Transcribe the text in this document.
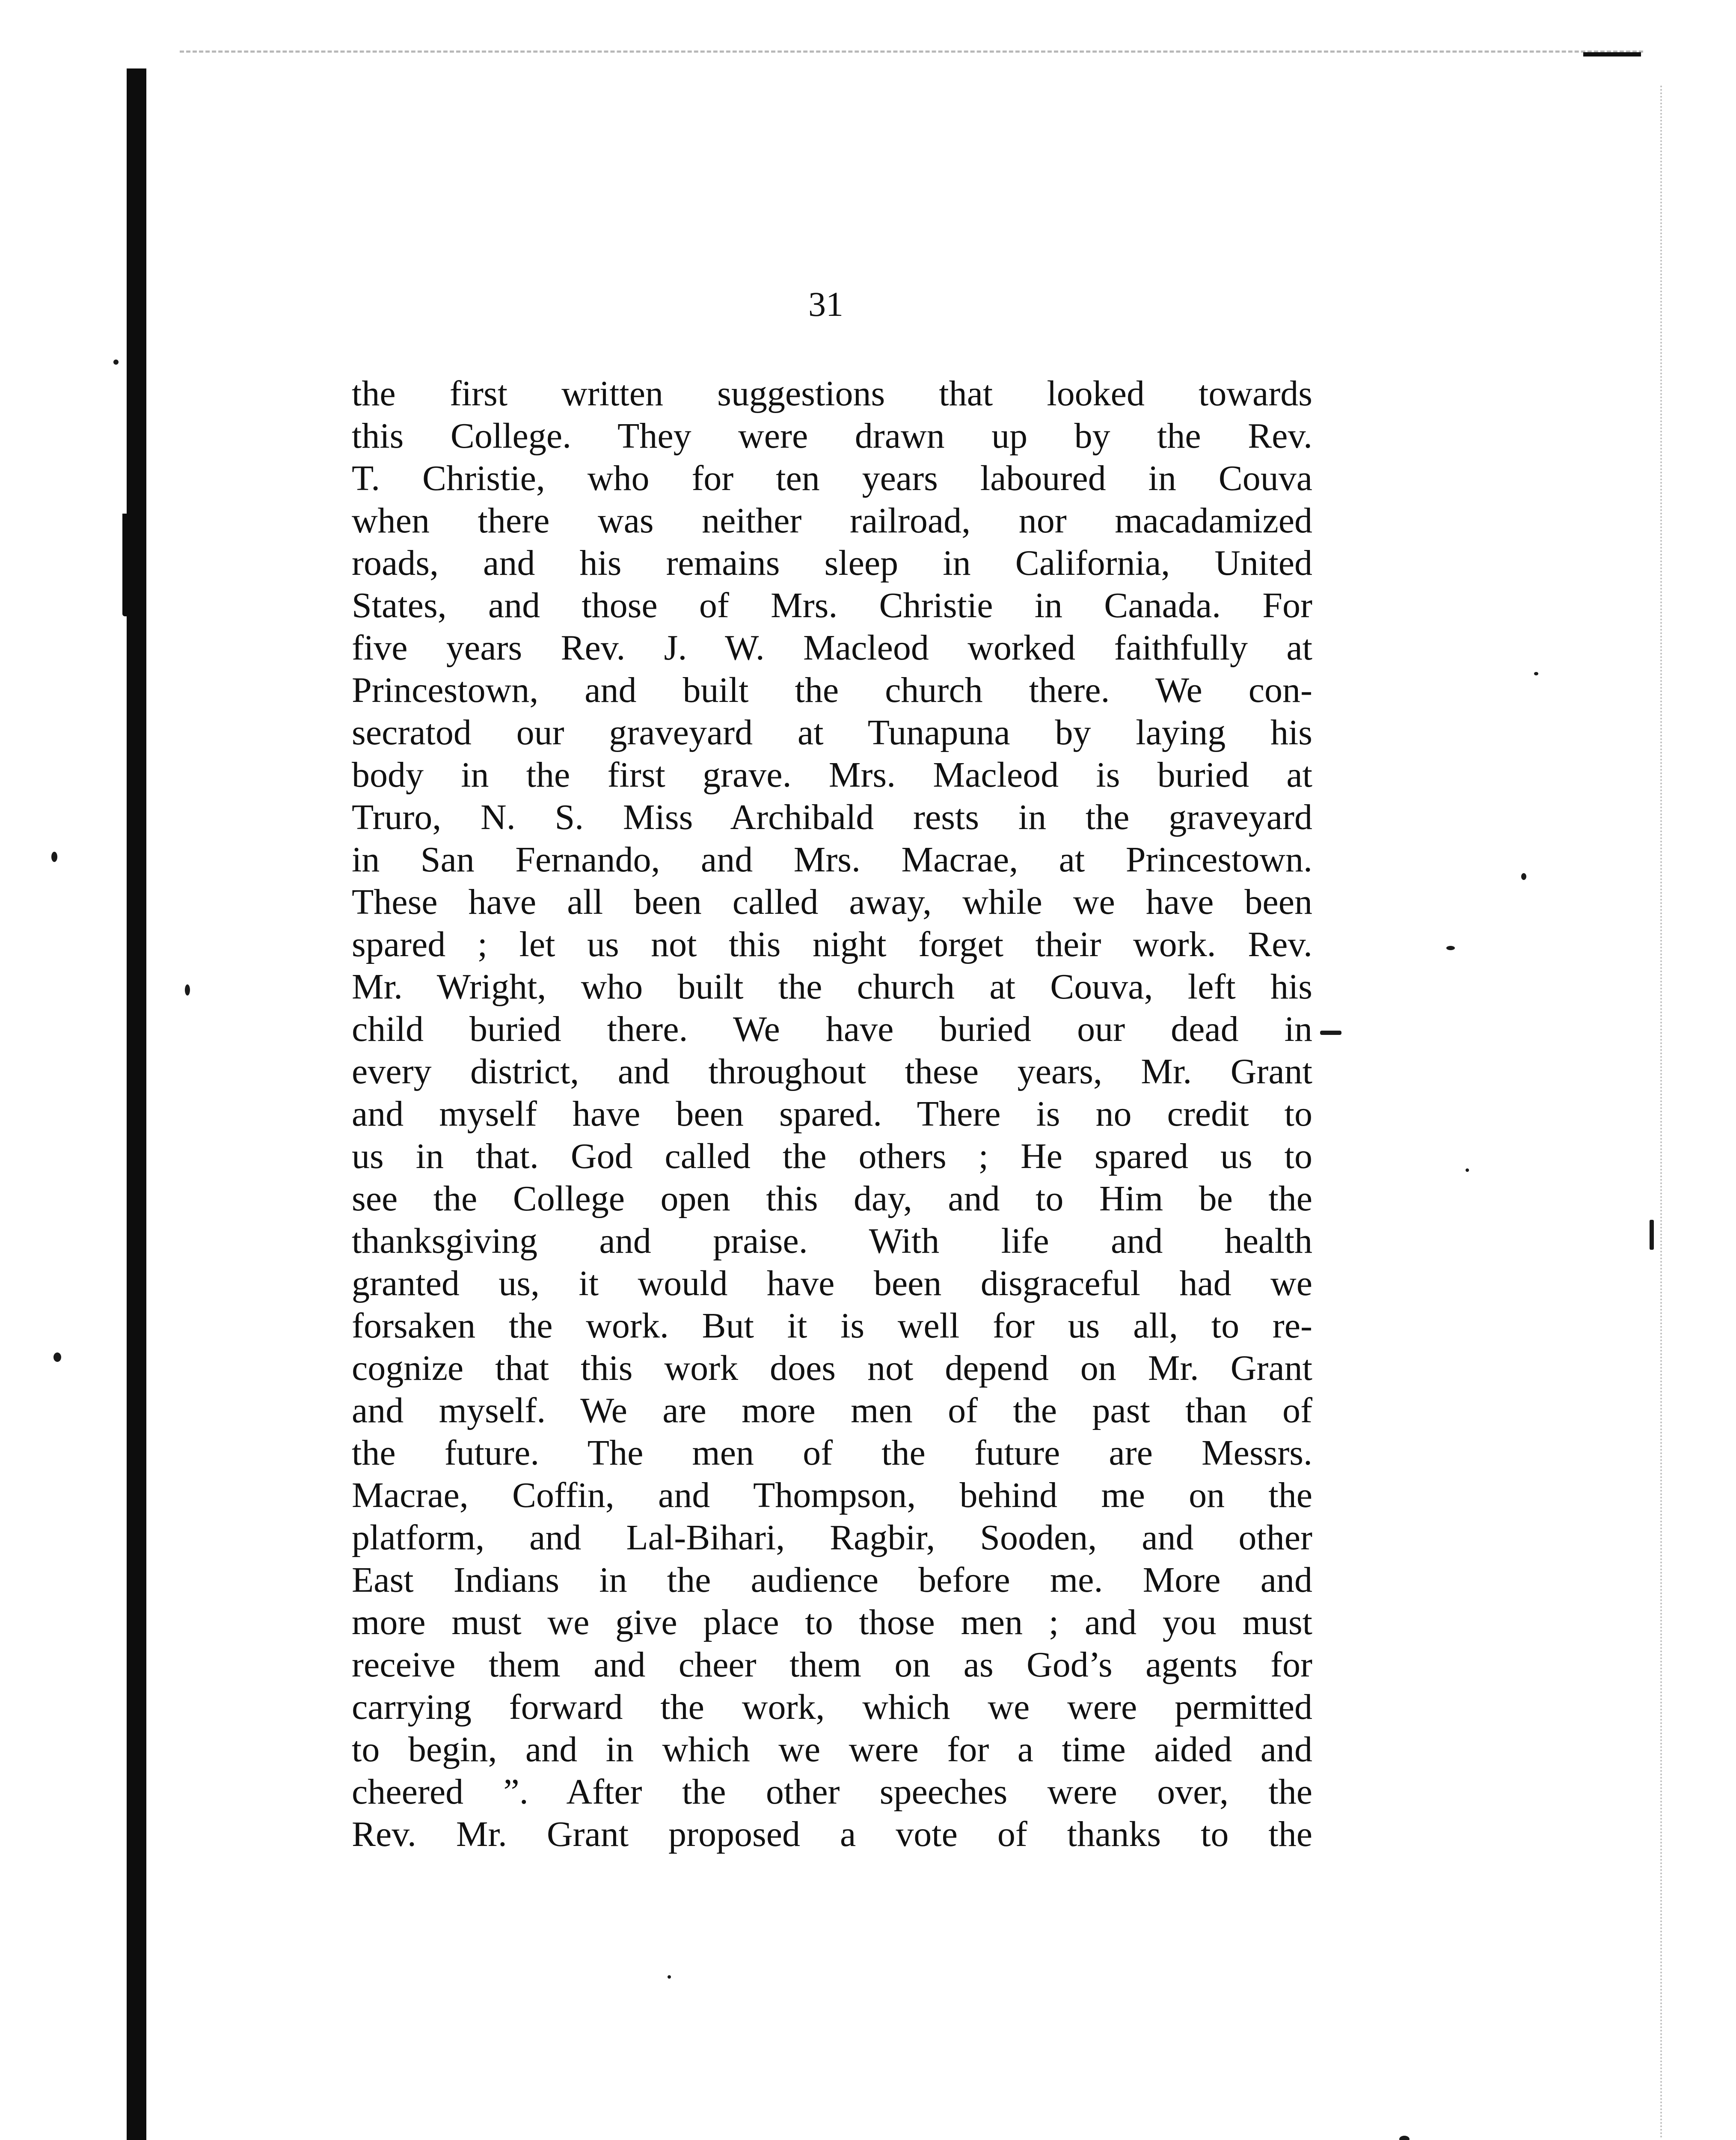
31
the first written suggestions that looked towards
this College. They were drawn up by the Rev.
T. Christie, who for ten years laboured in Couva
when there was neither railroad, nor macadamized
roads, and his remains sleep in California, United
States, and those of Mrs. Christie in Canada. For
five years Rev. J. W. Macleod worked faithfully at
Princestown, and built the church there. We con-
secratod our graveyard at Tunapuna by laying his
body in the first grave. Mrs. Macleod is buried at
Truro, N. S. Miss Archibald rests in the graveyard
in San Fernando, and Mrs. Macrae, at Princestown.
These have all been called away, while we have been
spared ; let us not this night forget their work. Rev.
Mr. Wright, who built the church at Couva, left his
child buried there. We have buried our dead in
every district, and throughout these years, Mr. Grant
and myself have been spared. There is no credit to
us in that. God called the others ; He spared us to
see the College open this day, and to Him be the
thanksgiving and praise. With life and health
granted us, it would have been disgraceful had we
forsaken the work. But it is well for us all, to re-
cognize that this work does not depend on Mr. Grant
and myself. We are more men of the past than of
the future. The men of the future are Messrs.
Macrae, Coffin, and Thompson, behind me on the
platform, and Lal-Bihari, Ragbir, Sooden, and other
East Indians in the audience before me. More and
more must we give place to those men ; and you must
receive them and cheer them on as God’s agents for
carrying forward the work, which we were permitted
to begin, and in which we were for a time aided and
cheered ”. After the other speeches were over, the
Rev. Mr. Grant proposed a vote of thanks to the
